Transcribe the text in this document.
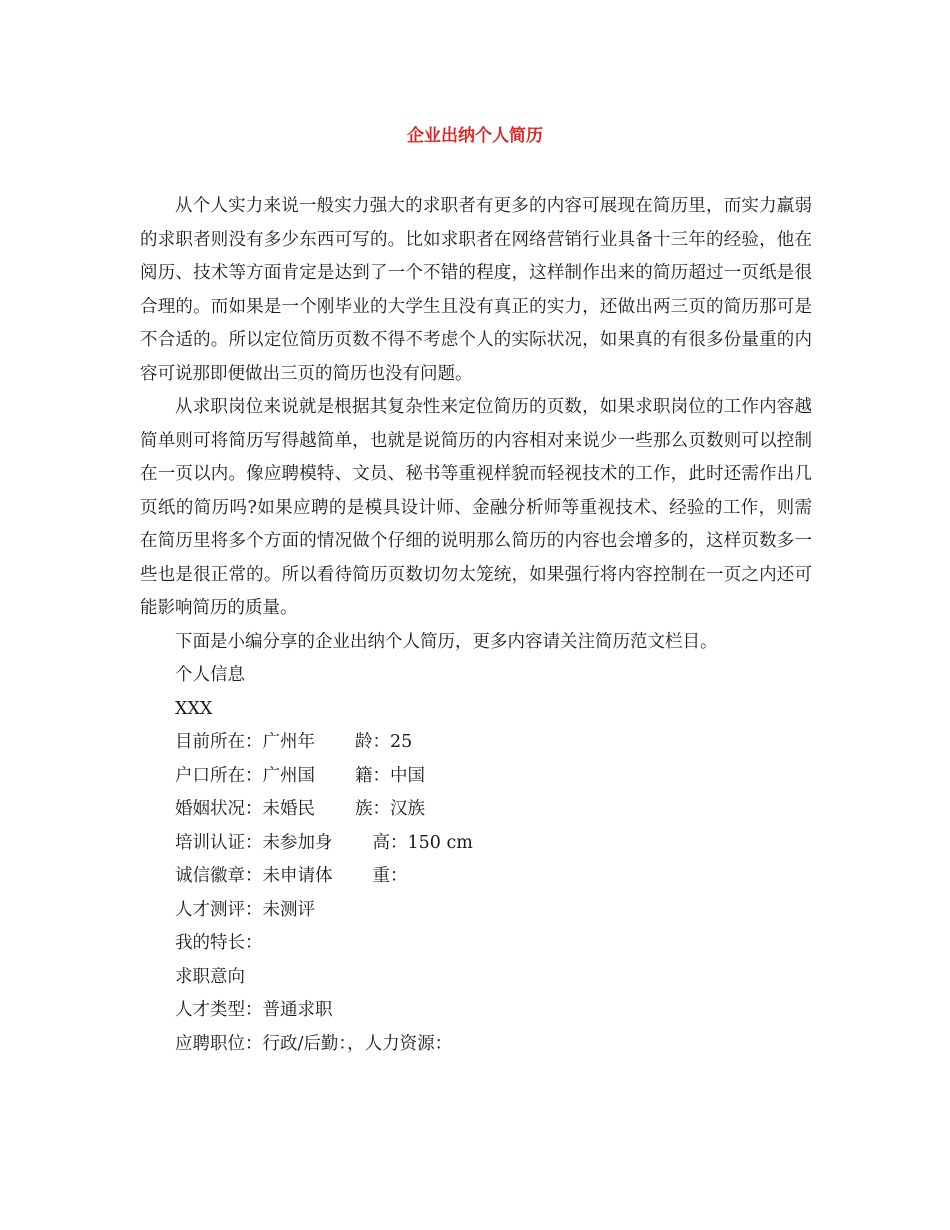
企业出纳个人简历

从个人实力来说一般实力强大的求职者有更多的内容可展现在简历里，而实力羸弱的求职者则没有多少东西可写的。比如求职者在网络营销行业具备十三年的经验，他在阅历、技术等方面肯定是达到了一个不错的程度，这样制作出来的简历超过一页纸是很合理的。而如果是一个刚毕业的大学生且没有真正的实力，还做出两三页的简历那可是不合适的。所以定位简历页数不得不考虑个人的实际状况，如果真的有很多份量重的内容可说那即便做出三页的简历也没有问题。

从求职岗位来说就是根据其复杂性来定位简历的页数，如果求职岗位的工作内容越简单则可将简历写得越简单，也就是说简历的内容相对来说少一些那么页数则可以控制在一页以内。像应聘模特、文员、秘书等重视样貌而轻视技术的工作，此时还需作出几页纸的简历吗?如果应聘的是模具设计师、金融分析师等重视技术、经验的工作，则需在简历里将多个方面的情况做个仔细的说明那么简历的内容也会增多的，这样页数多一些也是很正常的。所以看待简历页数切勿太笼统，如果强行将内容控制在一页之内还可能影响简历的质量。

下面是小编分享的企业出纳个人简历，更多内容请关注简历范文栏目。

个人信息

XXX

目前所在：广州年 龄：25

户口所在：广州国 籍：中国

婚姻状况：未婚民 族：汉族

培训认证：未参加身 高：150 cm

诚信徽章：未申请体 重：

人才测评：未测评

我的特长：

求职意向

人才类型：普通求职

应聘职位：行政/后勤：，人力资源：
